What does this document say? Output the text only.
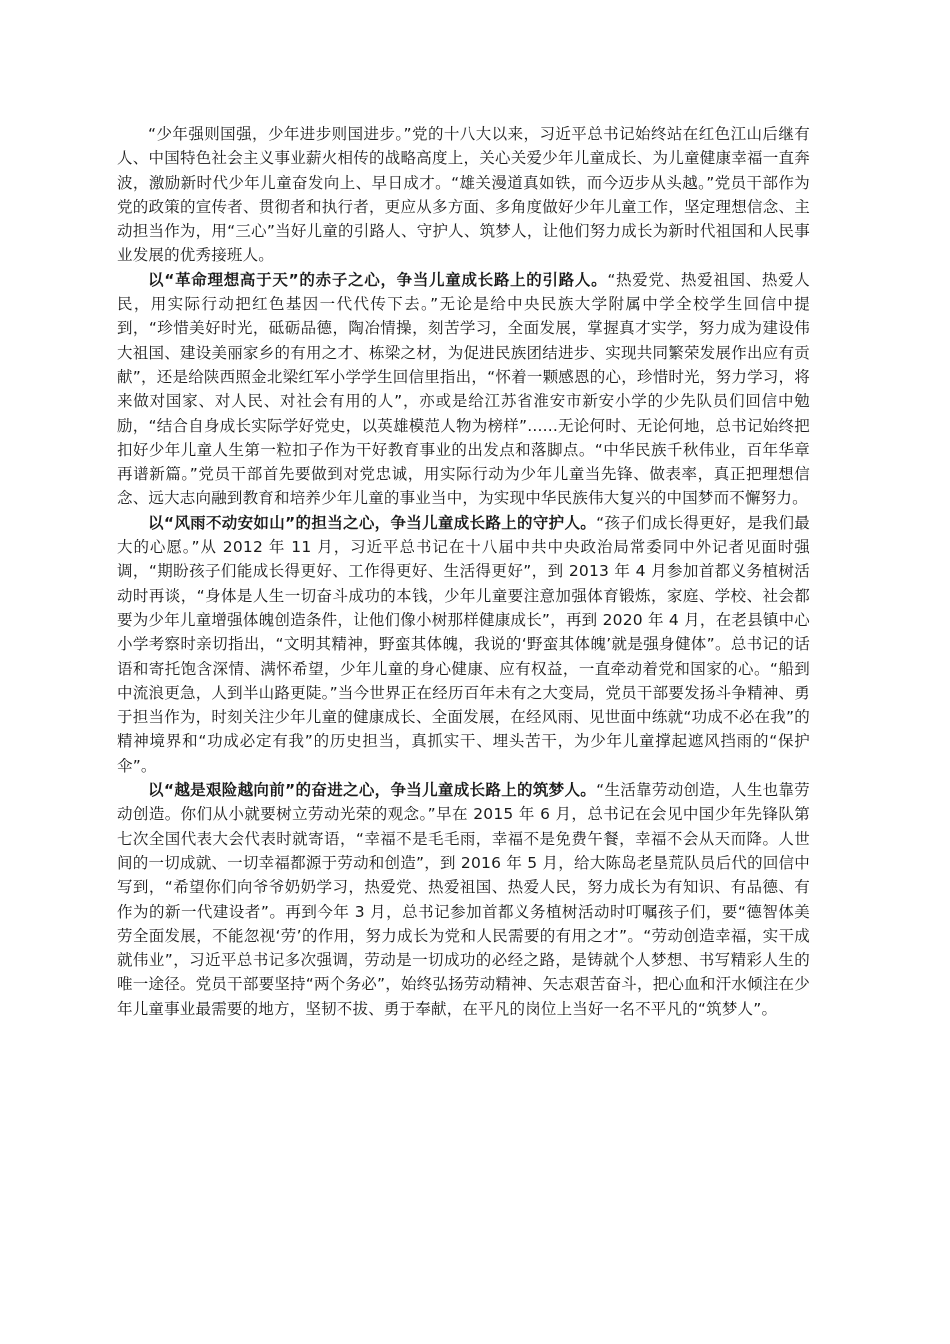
“少年强则国强，少年进步则国进步。”党的十八大以来，习近平总书记始终站在红色江山后继有人、中国特色社会主义事业薪火相传的战略高度上，关心关爱少年儿童成长、为儿童健康幸福一直奔波，激励新时代少年儿童奋发向上、早日成才。“雄关漫道真如铁，而今迈步从头越。”党员干部作为党的政策的宣传者、贯彻者和执行者，更应从多方面、多角度做好少年儿童工作，坚定理想信念、主动担当作为，用“三心”当好儿童的引路人、守护人、筑梦人，让他们努力成长为新时代祖国和人民事业发展的优秀接班人。

以“革命理想高于天”的赤子之心，争当儿童成长路上的引路人。“热爱党、热爱祖国、热爱人民，用实际行动把红色基因一代代传下去。”无论是给中央民族大学附属中学全校学生回信中提到，“珍惜美好时光，砥砺品德，陶冶情操，刻苦学习，全面发展，掌握真才实学，努力成为建设伟大祖国、建设美丽家乡的有用之才、栋梁之材，为促进民族团结进步、实现共同繁荣发展作出应有贡献”，还是给陕西照金北梁红军小学学生回信里指出，“怀着一颗感恩的心，珍惜时光，努力学习，将来做对国家、对人民、对社会有用的人”，亦或是给江苏省淮安市新安小学的少先队员们回信中勉励，“结合自身成长实际学好党史，以英雄模范人物为榜样”......无论何时、无论何地，总书记始终把扣好少年儿童人生第一粒扣子作为干好教育事业的出发点和落脚点。“中华民族千秋伟业，百年华章再谱新篇。”党员干部首先要做到对党忠诚，用实际行动为少年儿童当先锋、做表率，真正把理想信念、远大志向融到教育和培养少年儿童的事业当中，为实现中华民族伟大复兴的中国梦而不懈努力。

以“风雨不动安如山”的担当之心，争当儿童成长路上的守护人。“孩子们成长得更好，是我们最大的心愿。”从 2012 年 11 月，习近平总书记在十八届中共中央政治局常委同中外记者见面时强调，“期盼孩子们能成长得更好、工作得更好、生活得更好”，到 2013 年 4 月参加首都义务植树活动时再谈，“身体是人生一切奋斗成功的本钱，少年儿童要注意加强体育锻炼，家庭、学校、社会都要为少年儿童增强体魄创造条件，让他们像小树那样健康成长”，再到 2020 年 4 月，在老县镇中心小学考察时亲切指出，“文明其精神，野蛮其体魄，我说的‘野蛮其体魄’就是强身健体”。总书记的话语和寄托饱含深情、满怀希望，少年儿童的身心健康、应有权益，一直牵动着党和国家的心。“船到中流浪更急，人到半山路更陡。”当今世界正在经历百年未有之大变局，党员干部要发扬斗争精神、勇于担当作为，时刻关注少年儿童的健康成长、全面发展，在经风雨、见世面中练就“功成不必在我”的精神境界和“功成必定有我”的历史担当，真抓实干、埋头苦干，为少年儿童撑起遮风挡雨的“保护伞”。

以“越是艰险越向前”的奋进之心，争当儿童成长路上的筑梦人。“生活靠劳动创造，人生也靠劳动创造。你们从小就要树立劳动光荣的观念。”早在 2015 年 6 月，总书记在会见中国少年先锋队第七次全国代表大会代表时就寄语，“幸福不是毛毛雨，幸福不是免费午餐，幸福不会从天而降。人世间的一切成就、一切幸福都源于劳动和创造”，到 2016 年 5 月，给大陈岛老垦荒队员后代的回信中写到，“希望你们向爷爷奶奶学习，热爱党、热爱祖国、热爱人民，努力成长为有知识、有品德、有作为的新一代建设者”。再到今年 3 月，总书记参加首都义务植树活动时叮嘱孩子们，要“德智体美劳全面发展，不能忽视‘劳’的作用，努力成长为党和人民需要的有用之才”。“劳动创造幸福，实干成就伟业”，习近平总书记多次强调，劳动是一切成功的必经之路，是铸就个人梦想、书写精彩人生的唯一途径。党员干部要坚持“两个务必”，始终弘扬劳动精神、矢志艰苦奋斗，把心血和汗水倾注在少年儿童事业最需要的地方，坚韧不拔、勇于奉献，在平凡的岗位上当好一名不平凡的“筑梦人”。
